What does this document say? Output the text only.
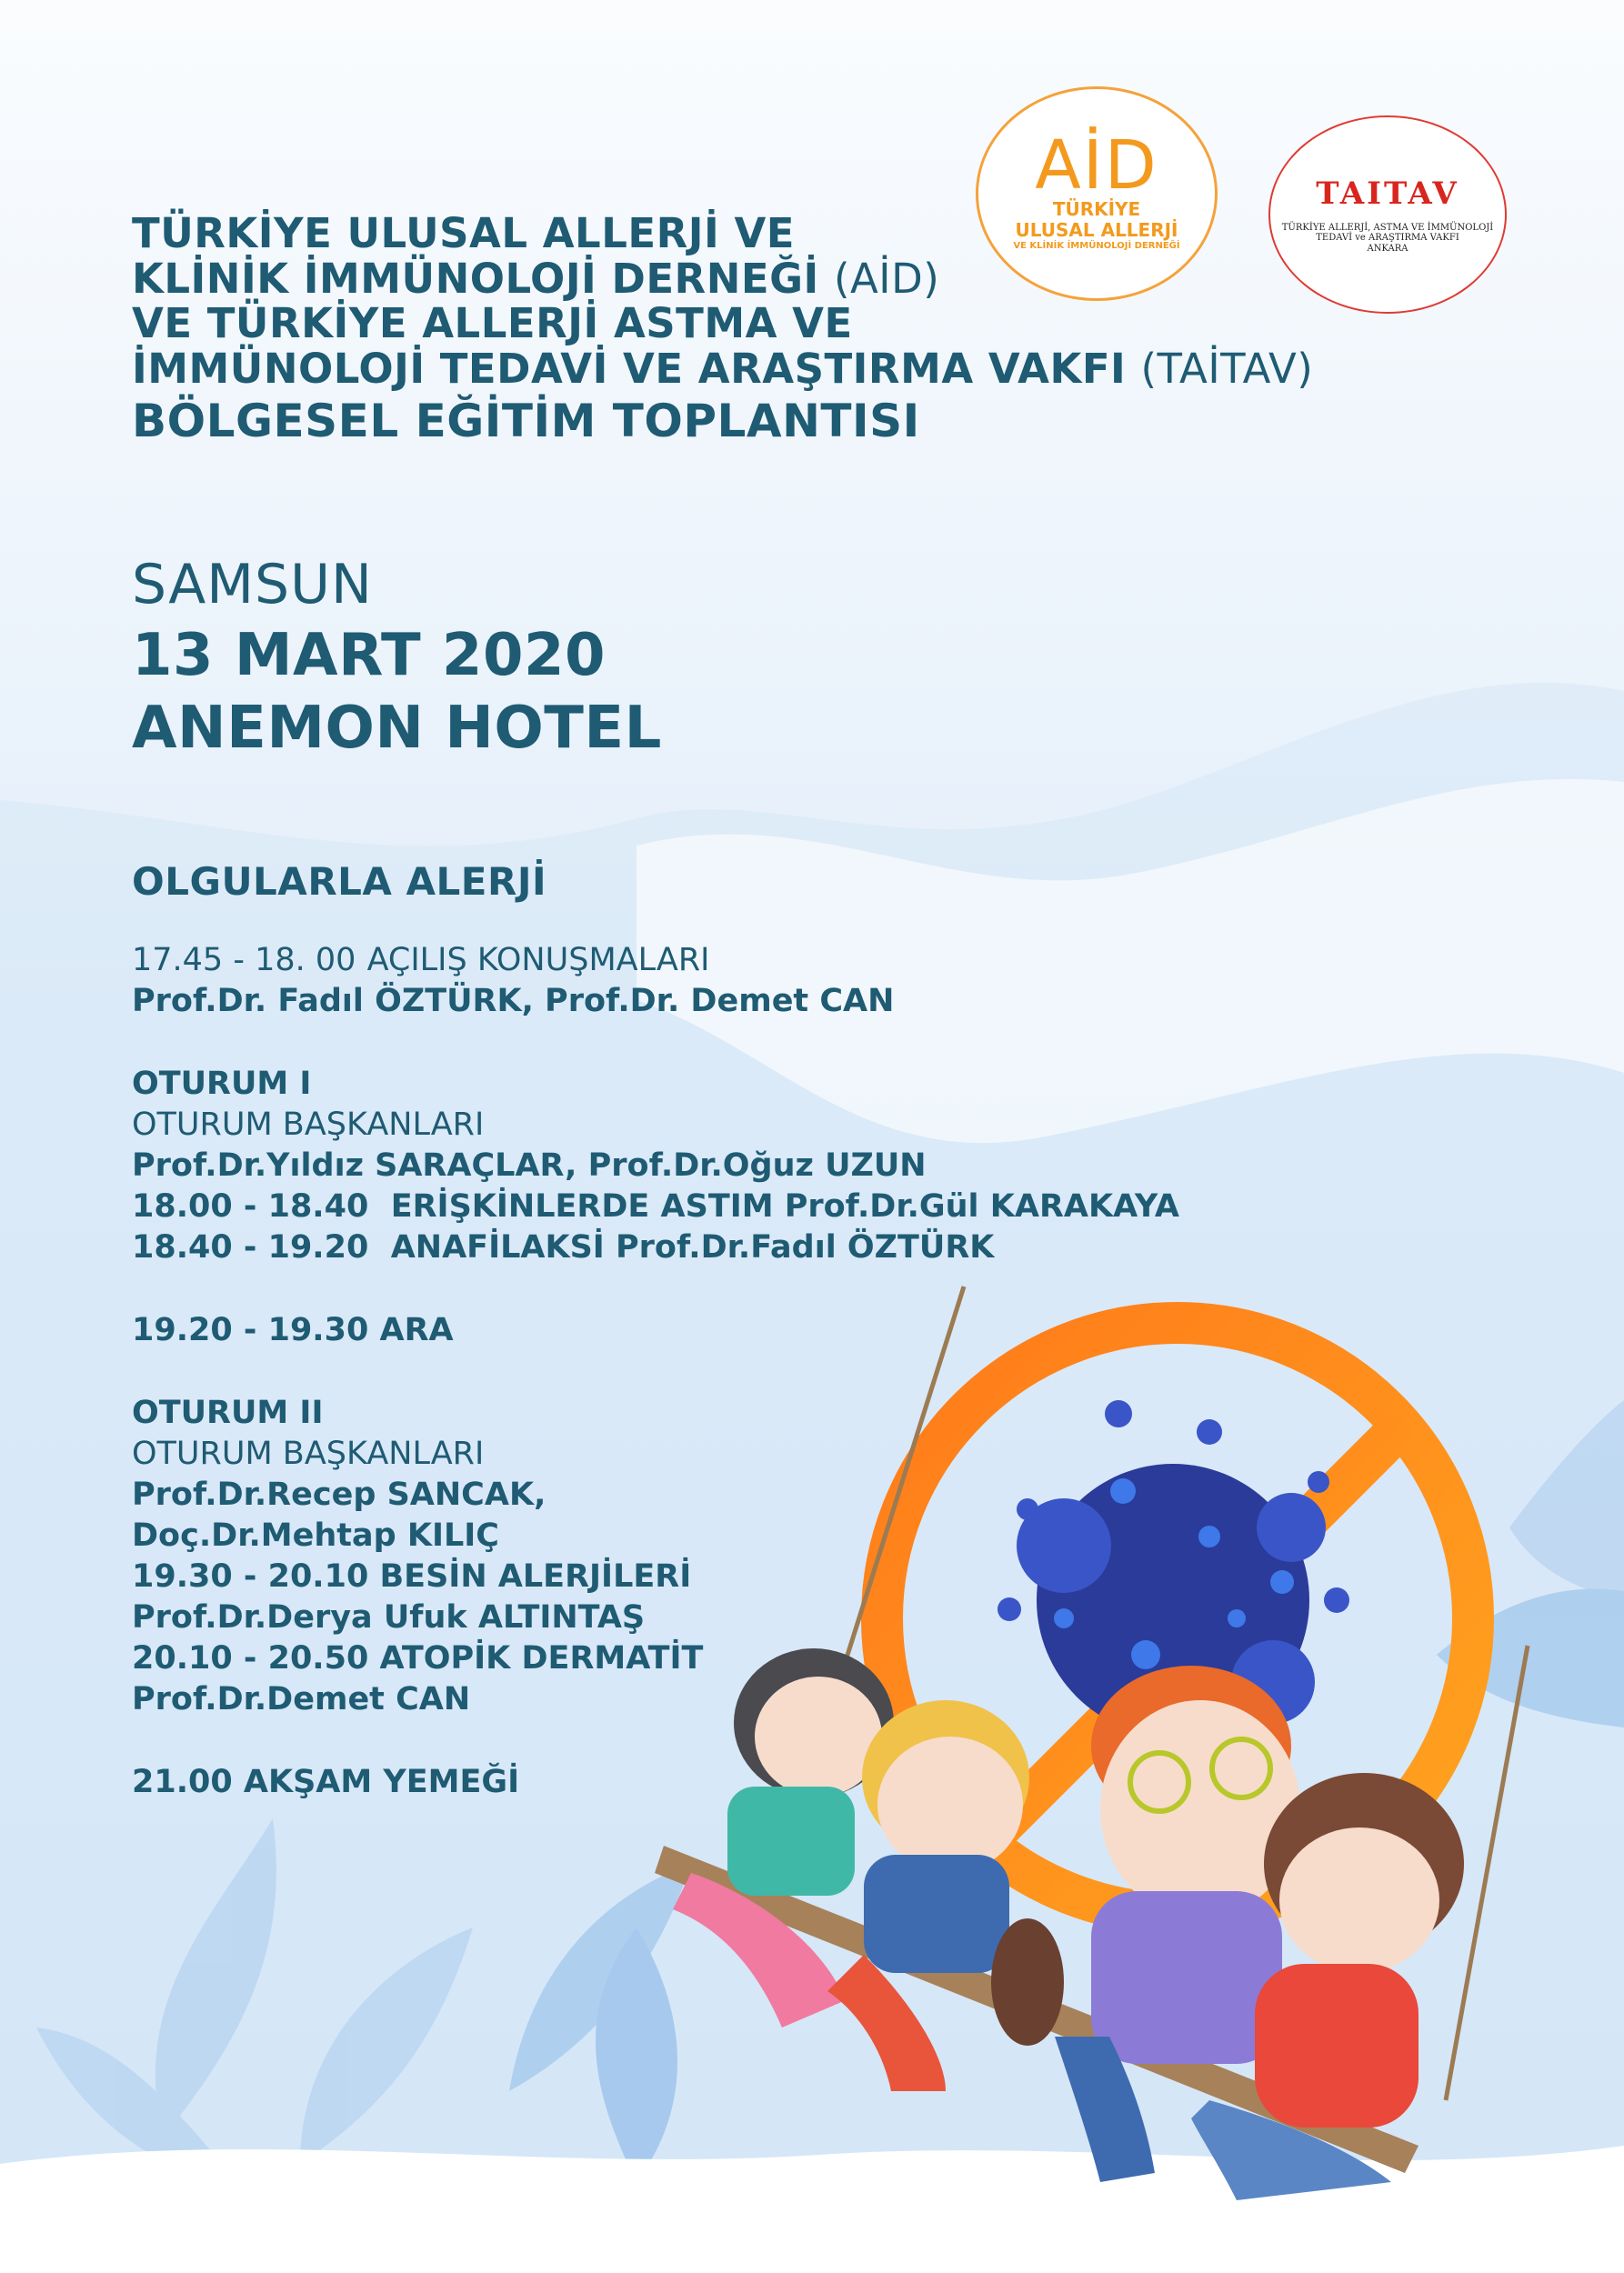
AİD
TÜRKİYE
ULUSAL ALLERJİ
VE KLİNİK İMMÜNOLOJİ DERNEĞİ
TAITAV
TÜRKİYE ALLERJİ, ASTMA VE İMMÜNOLOJİ
TEDAVİ ve ARAŞTIRMA VAKFI
ANKARA
TÜRKİYE ULUSAL ALLERJİ VE
KLİNİK İMMÜNOLOJİ DERNEĞİ (AİD)
VE TÜRKİYE ALLERJİ ASTMA VE
İMMÜNOLOJİ TEDAVİ VE ARAŞTIRMA VAKFI (TAİTAV)
BÖLGESEL EĞİTİM TOPLANTISI
SAMSUN
13 MART 2020
ANEMON HOTEL
OLGULARLA ALERJİ
17.45 - 18. 00 AÇILIŞ KONUŞMALARI
Prof.Dr. Fadıl ÖZTÜRK, Prof.Dr. Demet CAN
OTURUM I
OTURUM BAŞKANLARI
Prof.Dr.Yıldız SARAÇLAR, Prof.Dr.Oğuz UZUN
18.00 - 18.40 ERİŞKİNLERDE ASTIM Prof.Dr.Gül KARAKAYA
18.40 - 19.20 ANAFİLAKSİ Prof.Dr.Fadıl ÖZTÜRK
19.20 - 19.30 ARA
OTURUM II
OTURUM BAŞKANLARI
Prof.Dr.Recep SANCAK,
Doç.Dr.Mehtap KILIÇ
19.30 - 20.10 BESİN ALERJİLERİ
Prof.Dr.Derya Ufuk ALTINTAŞ
20.10 - 20.50 ATOPİK DERMATİT
Prof.Dr.Demet CAN
21.00 AKŞAM YEMEĞİ
